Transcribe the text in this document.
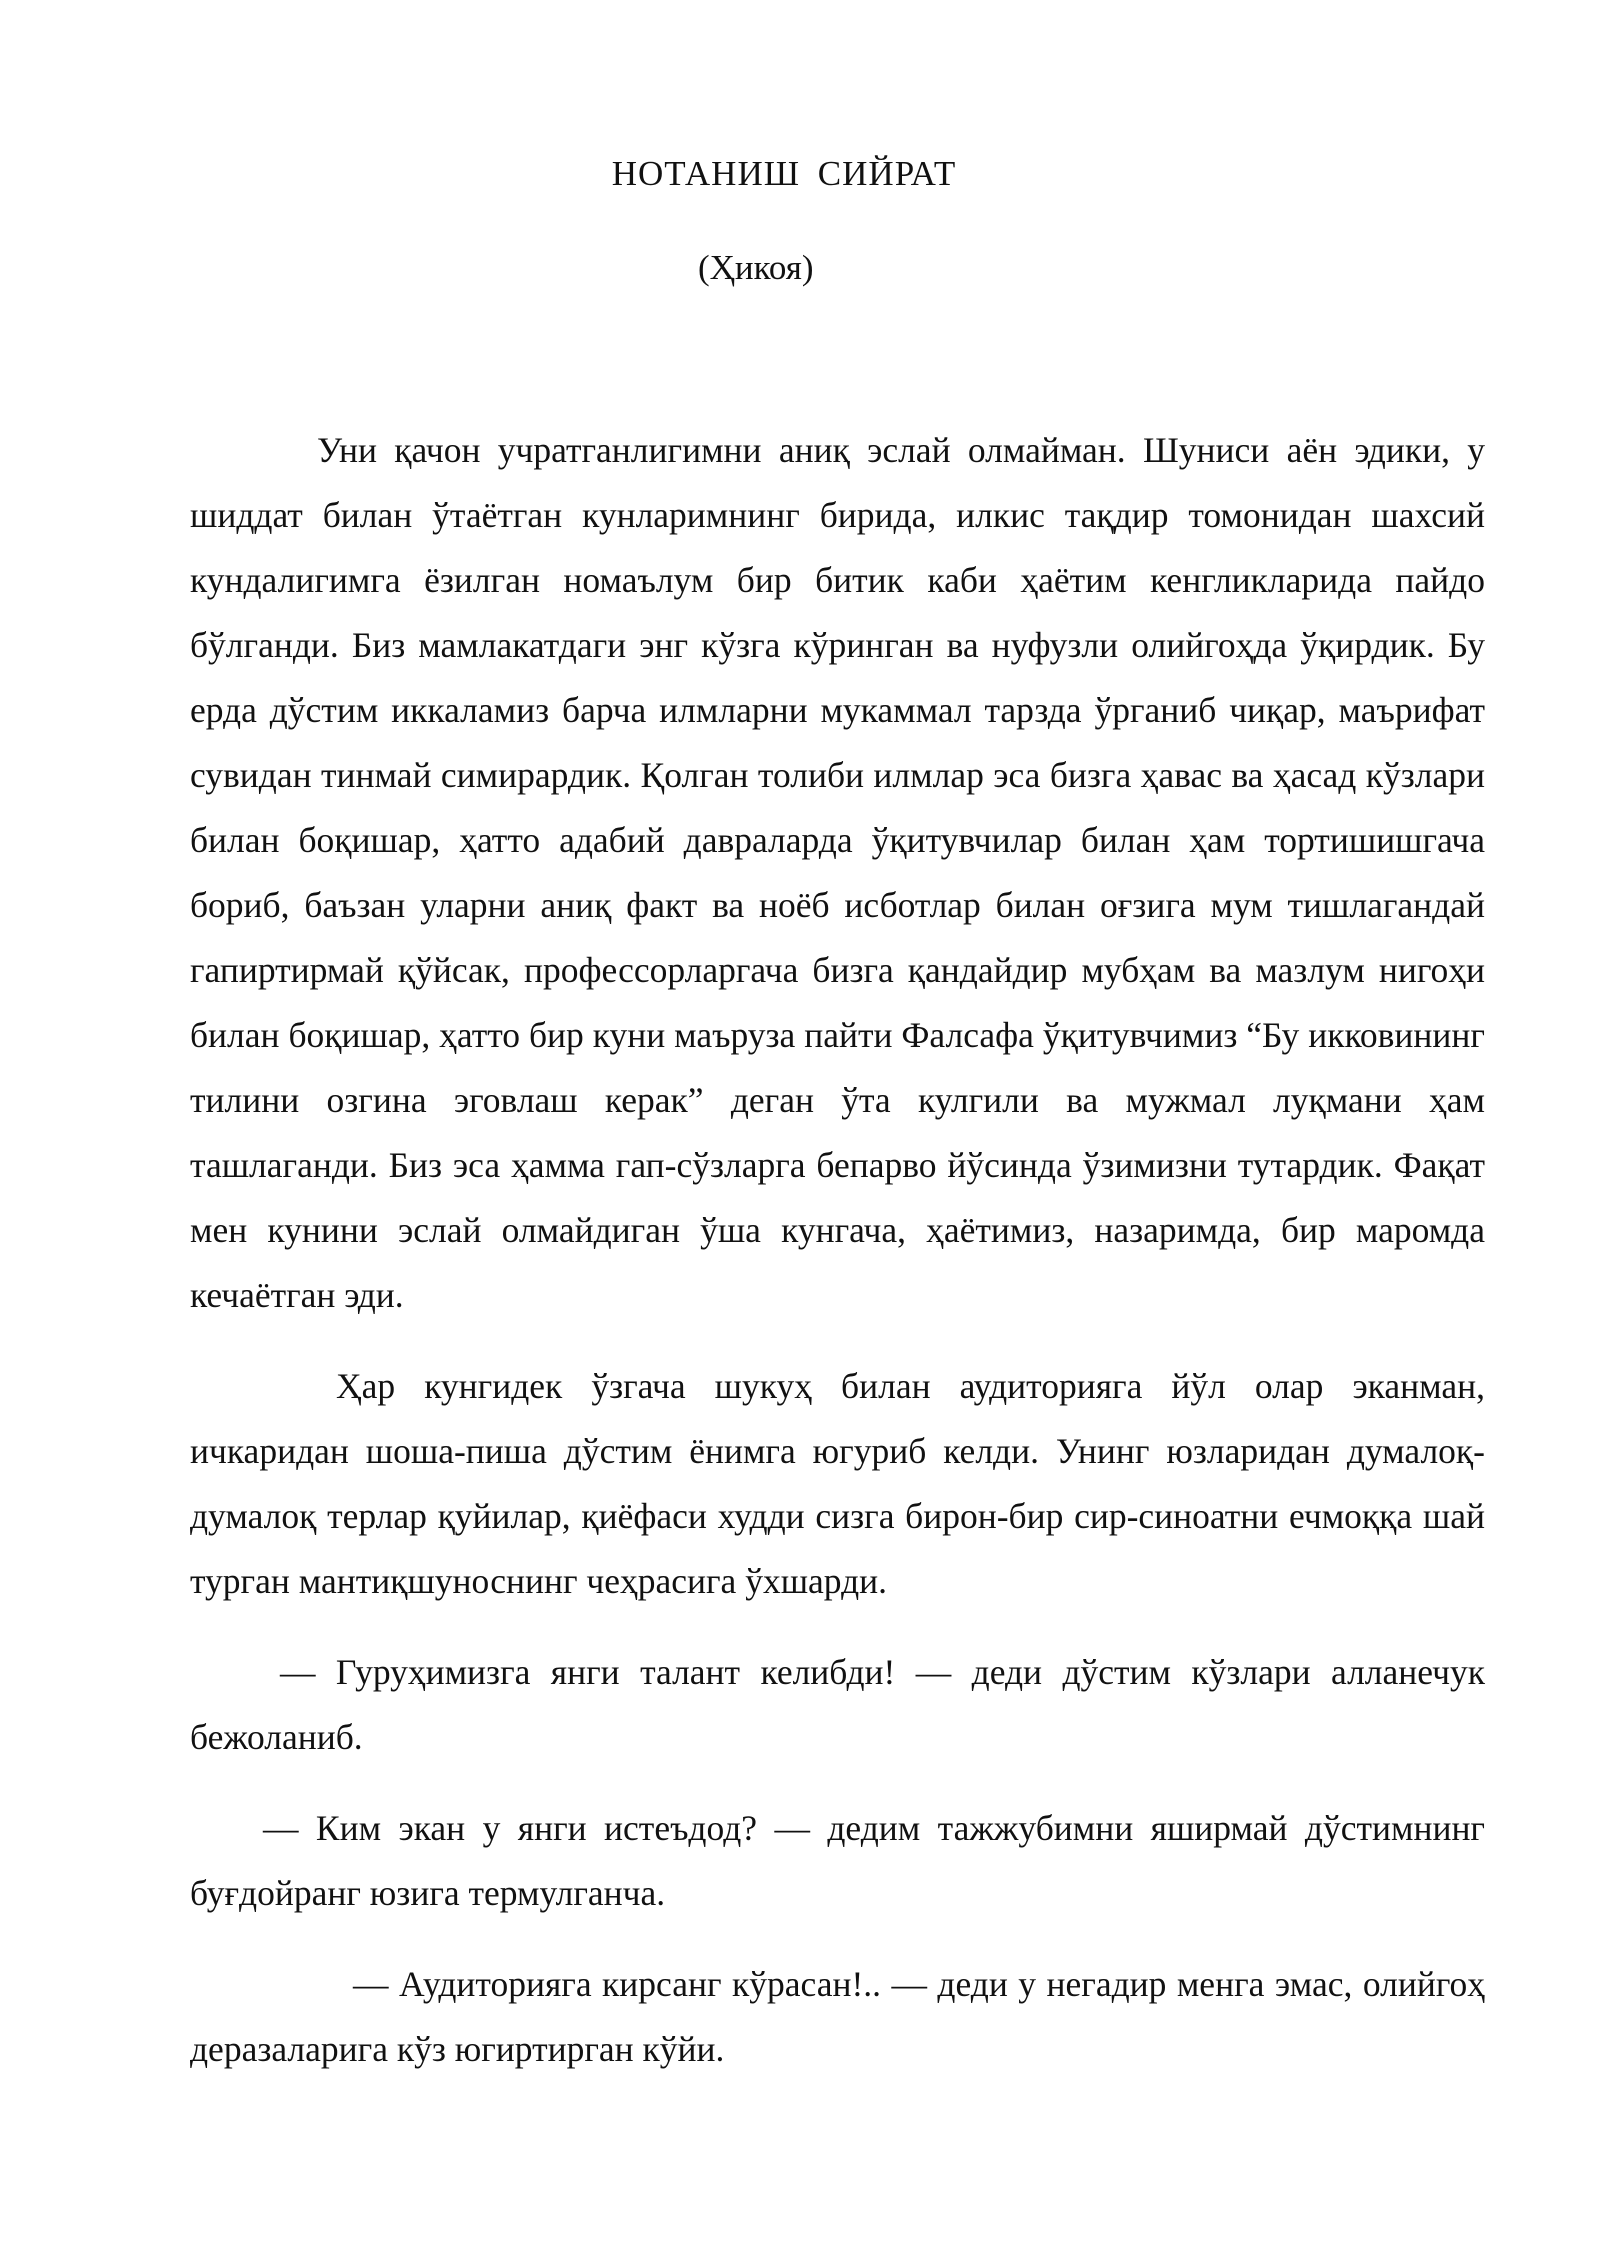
НОТАНИШ СИЙРАТ
(Ҳикоя)

Уни қачон учратганлигимни аниқ эслай олмайман. Шуниси аён эдики, у шиддат билан ўтаётган кунларимнинг бирида, илкис тақдир томонидан шахсий кундалигимга ёзилган номаълум бир битик каби ҳаётим кенгликларида пайдо бўлганди. Биз мамлакатдаги энг кўзга кўринган ва нуфузли олийгоҳда ўқирдик. Бу ерда дўстим иккаламиз барча илмларни мукаммал тарзда ўрганиб чиқар, маърифат сувидан тинмай симирардик. Қолган толиби илмлар эса бизга ҳавас ва ҳасад кўзлари билан боқишар, ҳатто адабий давраларда ўқитувчилар билан ҳам тортишишгача бориб, баъзан уларни аниқ факт ва ноёб исботлар билан оғзига мум тишлагандай гапиртирмай қўйсак, профессорларгача бизга қандайдир мубҳам ва мазлум нигоҳи билан боқишар, ҳатто бир куни маъруза пайти Фалсафа ўқитувчимиз “Бу икковининг тилини озгина эговлаш керак” деган ўта кулгили ва мужмал луқмани ҳам ташлаганди. Биз эса ҳамма гап-сўзларга бепарво йўсинда ўзимизни тутардик. Фақат мен кунини эслай олмайдиган ўша кунгача, ҳаётимиз, назаримда, бир маромда кечаётган эди.

Ҳар кунгидек ўзгача шукуҳ билан аудиторияга йўл олар эканман, ичкаридан шоша-пиша дўстим ёнимга югуриб келди. Унинг юзларидан думалоқ-думалоқ терлар қуйилар, қиёфаси худди сизга бирон-бир сир-синоатни ечмоққа шай турган мантиқшуноснинг чеҳрасига ўхшарди.

— Гуруҳимизга янги талант келибди! — деди дўстим кўзлари алланечук бежоланиб.

— Ким экан у янги истеъдод? — дедим тажжубимни яширмай дўстимнинг буғдойранг юзига термулганча.

— Аудиторияга кирсанг кўрасан!.. — деди у негадир менга эмас, олийгоҳ деразаларига кўз югиртирган кўйи.
